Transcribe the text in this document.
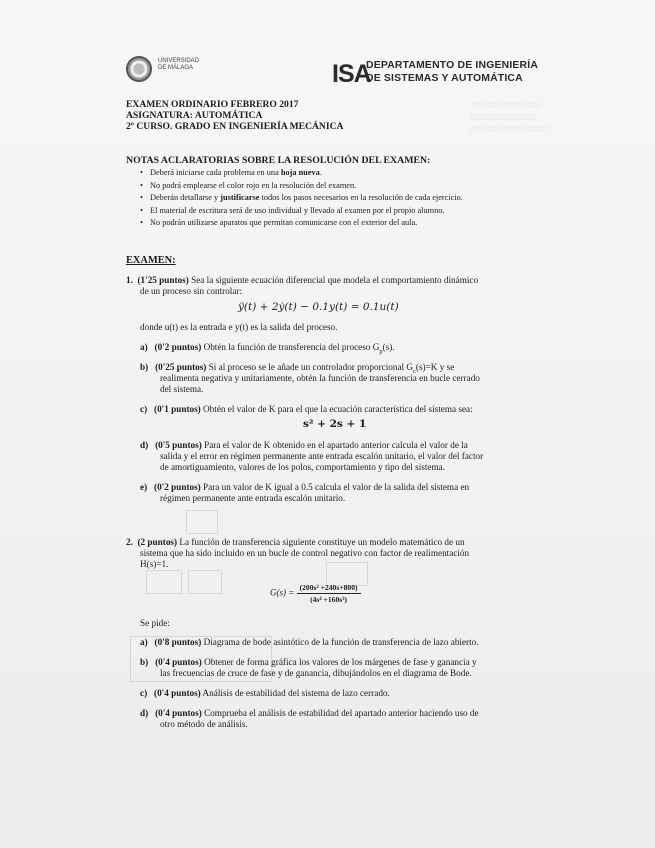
▯▯▯▯▯▯▯▯▯▯▯▯▯▯▯▯
▯▯▯▯▯▯▯▯▯▯▯▯▯▯▯
▯▯▯▯▯▯▯▯▯▯▯▯▯▯▯▯▯▯
UNIVERSIDAD
DE MÁLAGA	ISA
DEPARTAMENTO DE INGENIERÍA
DE SISTEMAS Y AUTOMÁTICA
EXAMEN ORDINARIO FEBRERO 2017
ASIGNATURA: AUTOMÁTICA
2º CURSO. GRADO EN INGENIERÍA MECÁNICA
NOTAS ACLARATORIAS SOBRE LA RESOLUCIÓN DEL EXAMEN:
• Deberá iniciarse cada problema en una hoja nueva.
• No podrá emplearse el color rojo en la resolución del examen.
• Deberán detallarse y justificarse todos los pasos necesarios en la resolución de cada ejercicio.
• El material de escritura será de uso individual y llevado al examen por el propio alumno.
• No podrán utilizarse aparatos que permitan comunicarse con el exterior del aula.
EXAMEN:
1. (1'25 puntos) Sea la siguiente ecuación diferencial que modela el comportamiento dinámico
de un proceso sin controlar:
ÿ(t) + 2ẏ(t) − 0.1y(t) = 0.1u(t)
donde u(t) es la entrada e y(t) es la salida del proceso.
a) (0'2 puntos) Obtén la función de transferencia del proceso $G_p(s)$.
b) (0'25 puntos) Si al proceso se le añade un controlador proporcional $G_c(s)=K$ y se
realimenta negativa y unitariamente, obtén la función de transferencia en bucle cerrado
del sistema.
c) (0'1 puntos) Obtén el valor de K para el que la ecuación característica del sistema sea:
s² + 2s + 1
d) (0'5 puntos) Para el valor de K obtenido en el apartado anterior calcula el valor de la
salida y el error en régimen permanente ante entrada escalón unitario, el valor del factor
de amortiguamiento, valores de los polos, comportamiento y tipo del sistema.
e) (0'2 puntos) Para un valor de K igual a 0.5 calcula el valor de la salida del sistema en
régimen permanente ante entrada escalón unitario.
2. (2 puntos) La función de transferencia siguiente constituye un modelo matemático de un
sistema que ha sido incluido en un bucle de control negativo con factor de realimentación
H(s)=1.
$G(s) = \frac{\text{(200s² +240s+800)}}{\text{(4s⁴ +160s³)}}$
Se pide:
a) (0'8 puntos) Diagrama de bode asintótico de la función de transferencia de lazo abierto.
b) (0'4 puntos) Obtener de forma gráfica los valores de los márgenes de fase y ganancia y
las frecuencias de cruce de fase y de ganancia, dibujándolos en el diagrama de Bode.
c) (0'4 puntos) Análisis de estabilidad del sistema de lazo cerrado.
d) (0'4 puntos) Comprueba el análisis de estabilidad del apartado anterior haciendo uso de
otro método de análisis.
